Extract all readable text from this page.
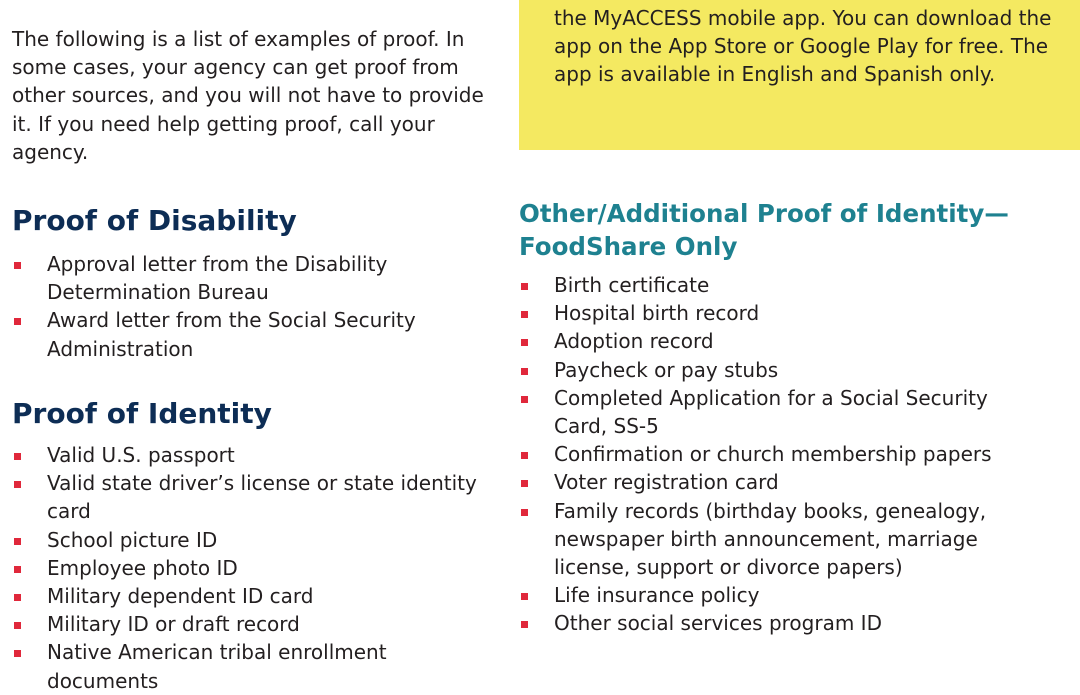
The following is a list of examples of proof. In some cases, your agency can get proof from other sources, and you will not have to provide it. If you need help getting proof, call your agency.

Proof of Disability
Approval letter from the Disability Determination Bureau
Award letter from the Social Security Administration
Proof of Identity
Valid U.S. passport
Valid state driver’s license or state identity card
School picture ID
Employee photo ID
Military dependent ID card
Military ID or draft record
Native American tribal enrollment documents

the MyACCESS mobile app. You can download the app on the App Store or Google Play for free. The app is available in English and Spanish only.

Other/Additional Proof of Identity—
FoodShare Only
Birth certificate
Hospital birth record
Adoption record
Paycheck or pay stubs
Completed Application for a Social Security Card, SS-5
Confirmation or church membership papers
Voter registration card
Family records (birthday books, genealogy, newspaper birth announcement, marriage license, support or divorce papers)
Life insurance policy
Other social services program ID
